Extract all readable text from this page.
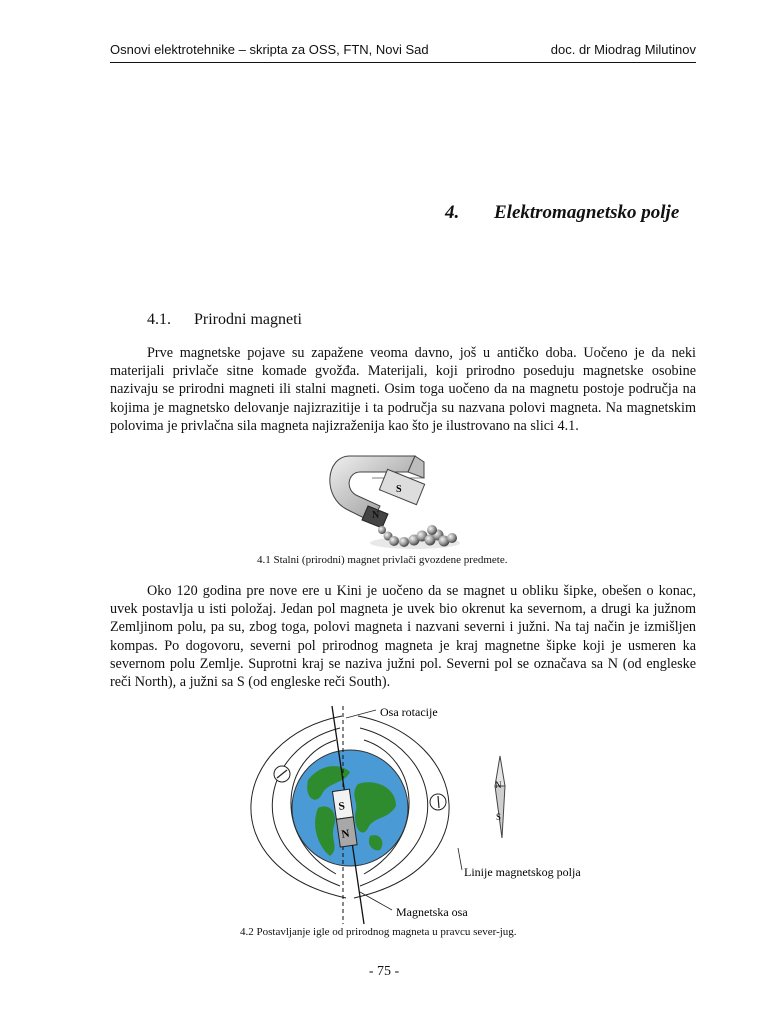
Osnovi elektrotehnike – skripta za OSS, FTN, Novi Sad	doc. dr Miodrag Milutinov
4. Elektromagnetsko polje
4.1. Prirodni magneti

Prve magnetske pojave su zapažene veoma davno, još u antičko doba. Uočeno je da neki materijali privlače sitne komade gvožđa. Materijali, koji prirodno poseduju magnetske osobine nazivaju se prirodni magneti ili stalni magneti. Osim toga uočeno da na magnetu postoje područja na kojima je magnetsko delovanje najizrazitije i ta područja su nazvana polovi magneta. Na magnetskim polovima je privlačna sila magneta najizraženija kao što je ilustrovano na slici 4.1.

S
N
4.1 Stalni (prirodni) magnet privlači gvozdene predmete.

Oko 120 godina pre nove ere u Kini je uočeno da se magnet u obliku šipke, obešen o konac, uvek postavlja u isti položaj. Jedan pol magneta je uvek bio okrenut ka severnom, a drugi ka južnom Zemljinom polu, pa su, zbog toga, polovi magneta i nazvani severni i južni. Na taj način je izmišljen kompas. Po dogovoru, severni pol prirodnog magneta je kraj magnetne šipke koji je usmeren ka severnom polu Zemlje. Suprotni kraj se naziva južni pol. Severni pol se označava sa N (od engleske reči North), a južni sa S (od engleske reči South).

S
N
N
S
Osa rotacije
Linije magnetskog polja
Magnetska osa
4.2 Postavljanje igle od prirodnog magneta u pravcu sever-jug.
- 75 -
